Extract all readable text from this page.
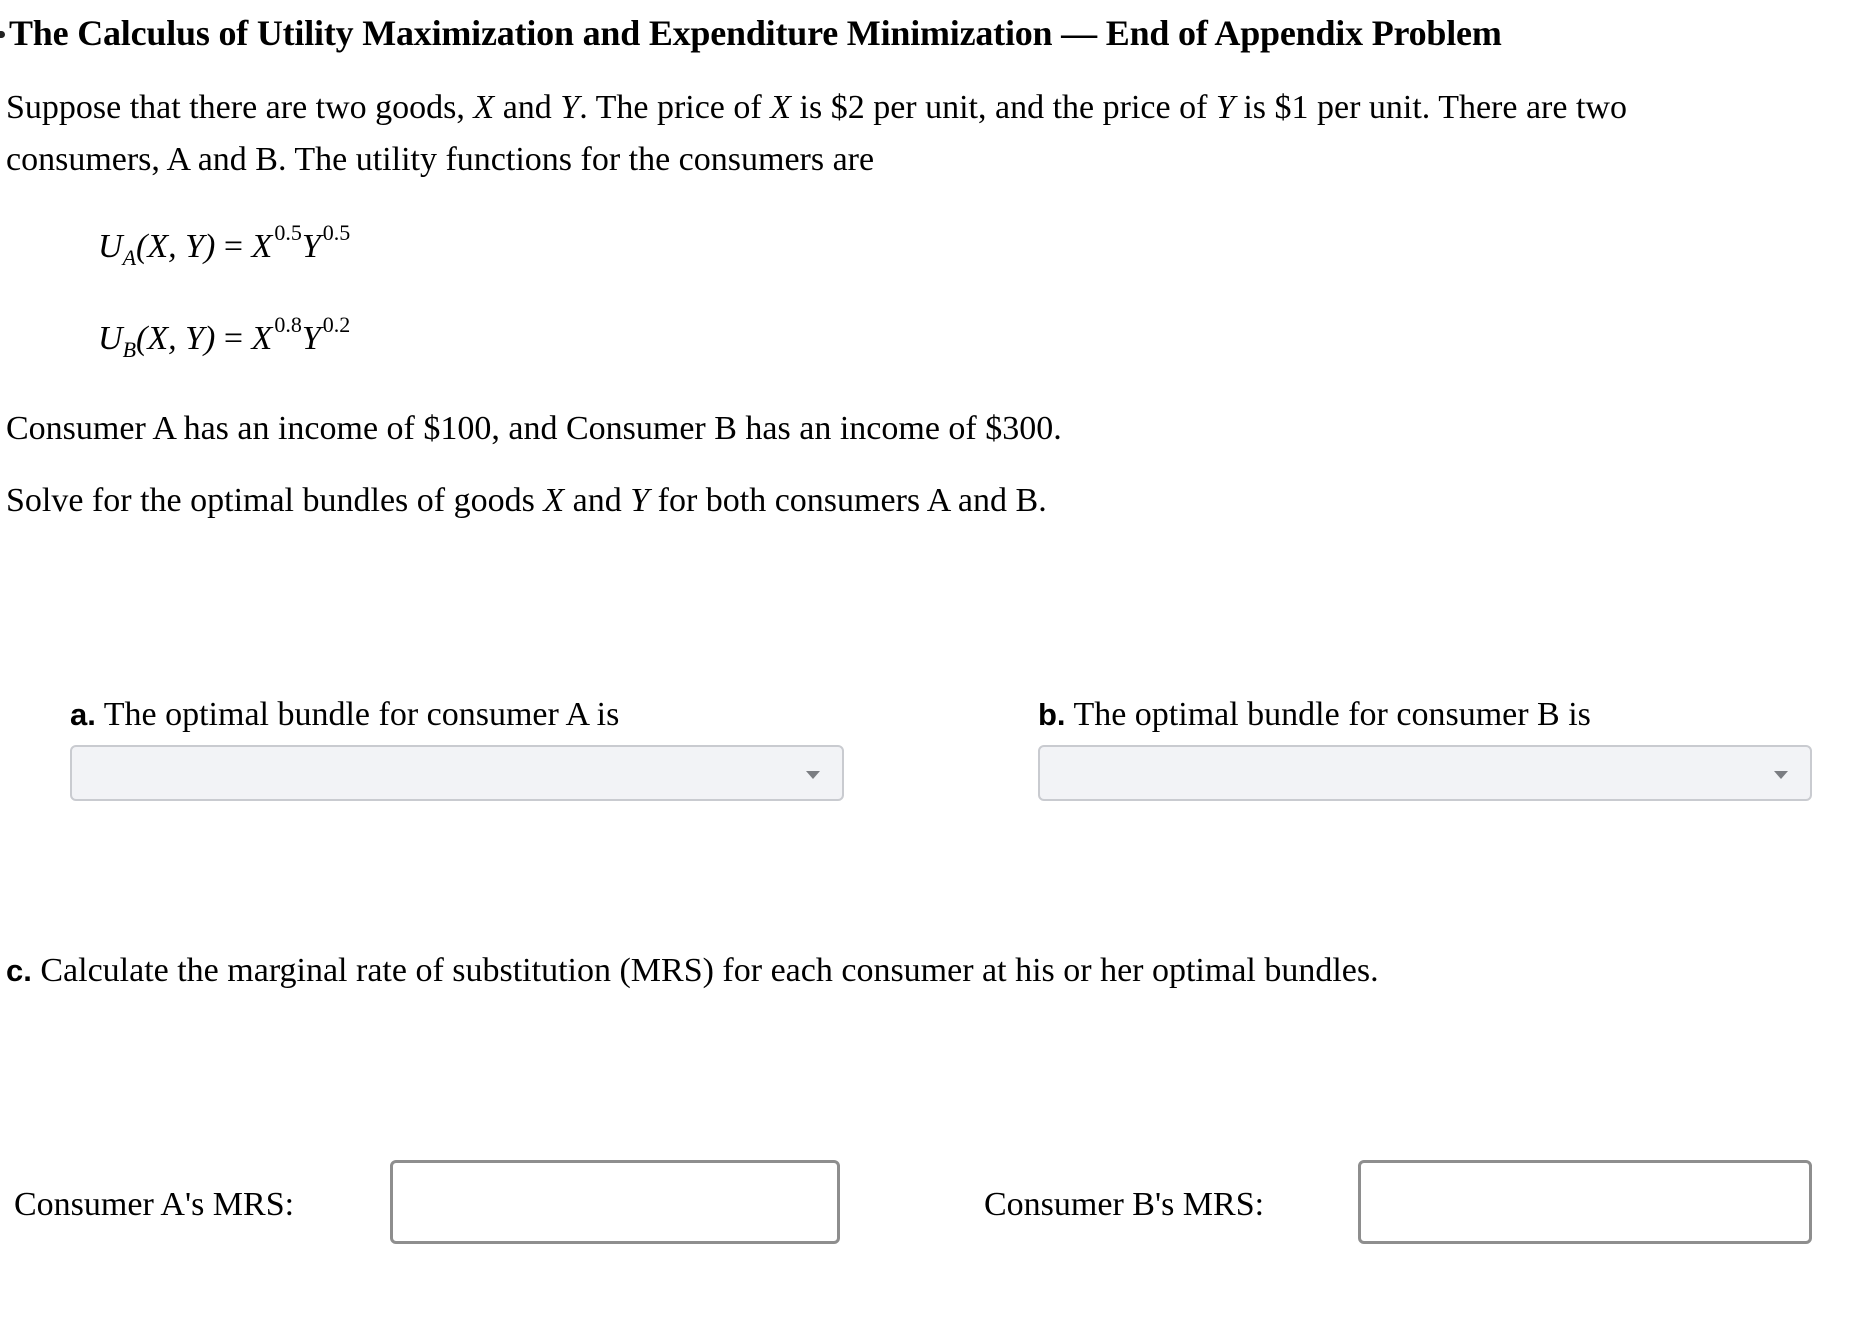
The Calculus of Utility Maximization and Expenditure Minimization — End of Appendix Problem
Suppose that there are two goods, X and Y. The price of X is $2 per unit, and the price of Y is $1 per unit. There are two
consumers, A and B. The utility functions for the consumers are
$U_A(X$, $Y) = X^{0.5}Y^{0.5}$
$U_B(X$, $Y) = X^{0.8}Y^{0.2}$
Consumer A has an income of $100, and Consumer B has an income of $300.
Solve for the optimal bundles of goods X and Y for both consumers A and B.
a. The optimal bundle for consumer A is	b. The optimal bundle for consumer B is
c. Calculate the marginal rate of substitution (MRS) for each consumer at his or her optimal bundles.
Consumer A's MRS:	Consumer B's MRS:
